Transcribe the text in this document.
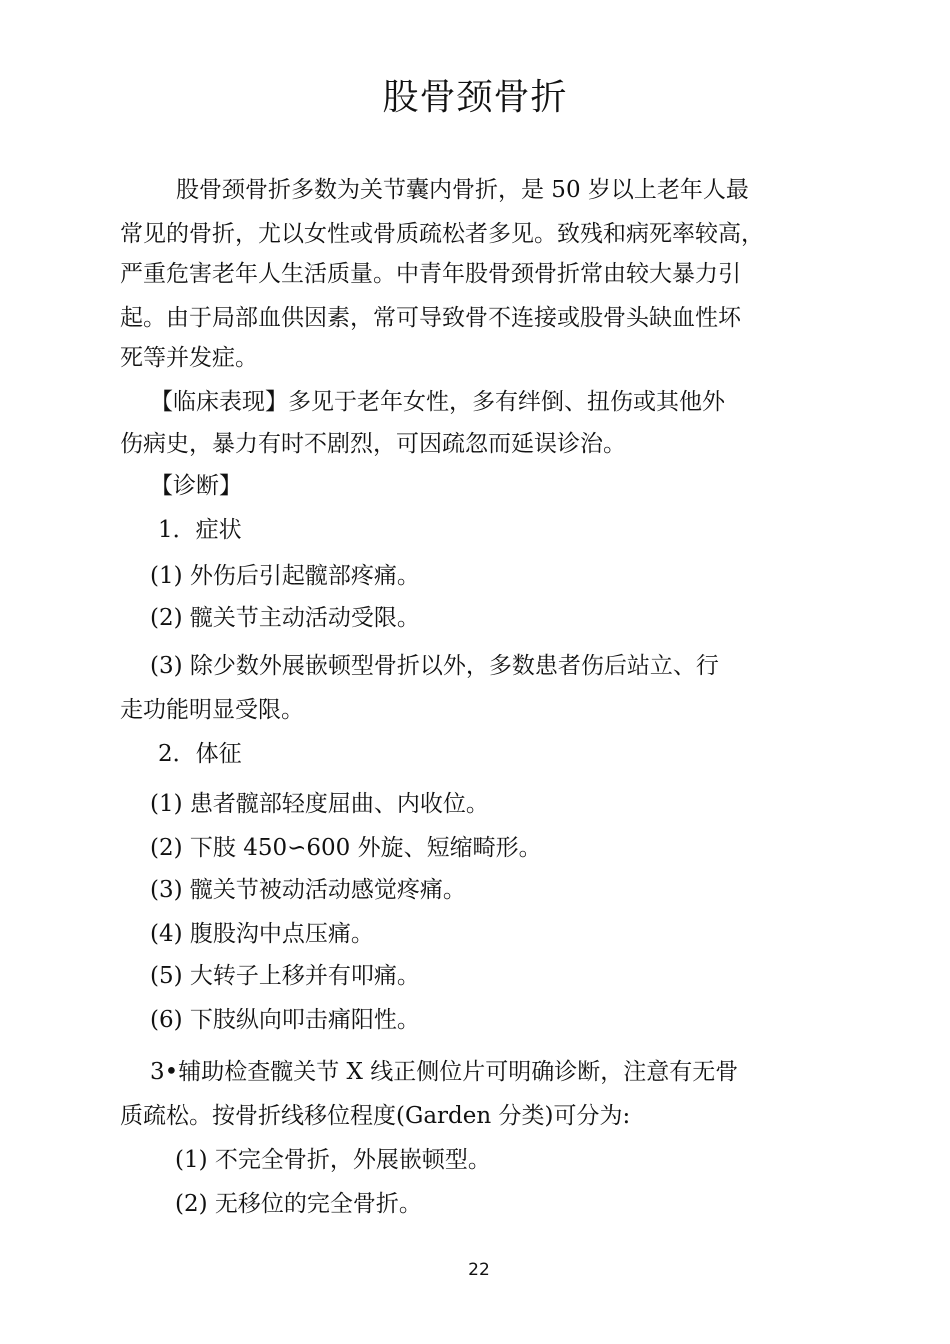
股骨颈骨折
股骨颈骨折多数为关节囊内骨折，是 50 岁以上老年人最
常见的骨折，尤以女性或骨质疏松者多见。致残和病死率较高，
严重危害老年人生活质量。中青年股骨颈骨折常由较大暴力引
起。由于局部血供因素，常可导致骨不连接或股骨头缺血性坏
死等并发症。
【临床表现】多见于老年女性，多有绊倒、扭伤或其他外
伤病史，暴力有时不剧烈，可因疏忽而延误诊治。
【诊断】
1．症状
(1) 外伤后引起髋部疼痛。
(2) 髋关节主动活动受限。
(3) 除少数外展嵌顿型骨折以外，多数患者伤后站立、行
走功能明显受限。
2．体征
(1) 患者髋部轻度屈曲、内收位。
(2) 下肢 450∽600 外旋、短缩畸形。
(3) 髋关节被动活动感觉疼痛。
(4) 腹股沟中点压痛。
(5) 大转子上移并有叩痛。
(6) 下肢纵向叩击痛阳性。
3•辅助检查髋关节 X 线正侧位片可明确诊断，注意有无骨
质疏松。按骨折线移位程度(Garden 分类)可分为:
(1) 不完全骨折，外展嵌顿型。
(2) 无移位的完全骨折。
22
